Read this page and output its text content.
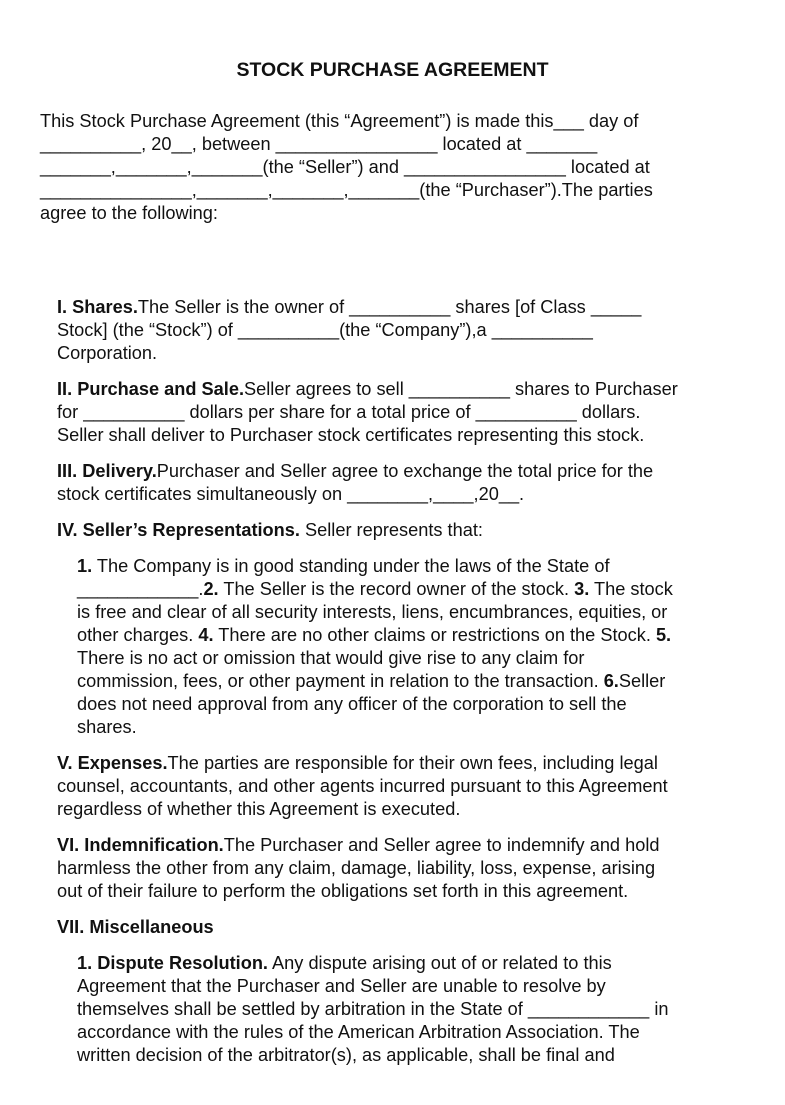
STOCK PURCHASE AGREEMENT
This Stock Purchase Agreement (this “Agreement”) is made this___ day of
__________, 20__, between ________________ located at _______
_______,_______,_______(the “Seller”) and ________________ located at
_______________,_______,_______,_______(the “Purchaser”).The parties
agree to the following:
I. Shares.The Seller is the owner of __________ shares [of Class _____
Stock] (the “Stock”) of __________(the “Company”),a __________
Corporation.
II. Purchase and Sale.Seller agrees to sell __________ shares to Purchaser
for __________ dollars per share for a total price of __________ dollars.
Seller shall deliver to Purchaser stock certificates representing this stock.
III. Delivery.Purchaser and Seller agree to exchange the total price for the
stock certificates simultaneously on ________,____,20__.
IV. Seller’s Representations. Seller represents that:
1. The Company is in good standing under the laws of the State of
____________.2. The Seller is the record owner of the stock. 3. The stock
is free and clear of all security interests, liens, encumbrances, equities, or
other charges. 4. There are no other claims or restrictions on the Stock. 5.
There is no act or omission that would give rise to any claim for
commission, fees, or other payment in relation to the transaction. 6.Seller
does not need approval from any officer of the corporation to sell the
shares.
V. Expenses.The parties are responsible for their own fees, including legal
counsel, accountants, and other agents incurred pursuant to this Agreement
regardless of whether this Agreement is executed.
VI. Indemnification.The Purchaser and Seller agree to indemnify and hold
harmless the other from any claim, damage, liability, loss, expense, arising
out of their failure to perform the obligations set forth in this agreement.
VII. Miscellaneous
1. Dispute Resolution. Any dispute arising out of or related to this
Agreement that the Purchaser and Seller are unable to resolve by
themselves shall be settled by arbitration in the State of ____________ in
accordance with the rules of the American Arbitration Association. The
written decision of the arbitrator(s), as applicable, shall be final and
